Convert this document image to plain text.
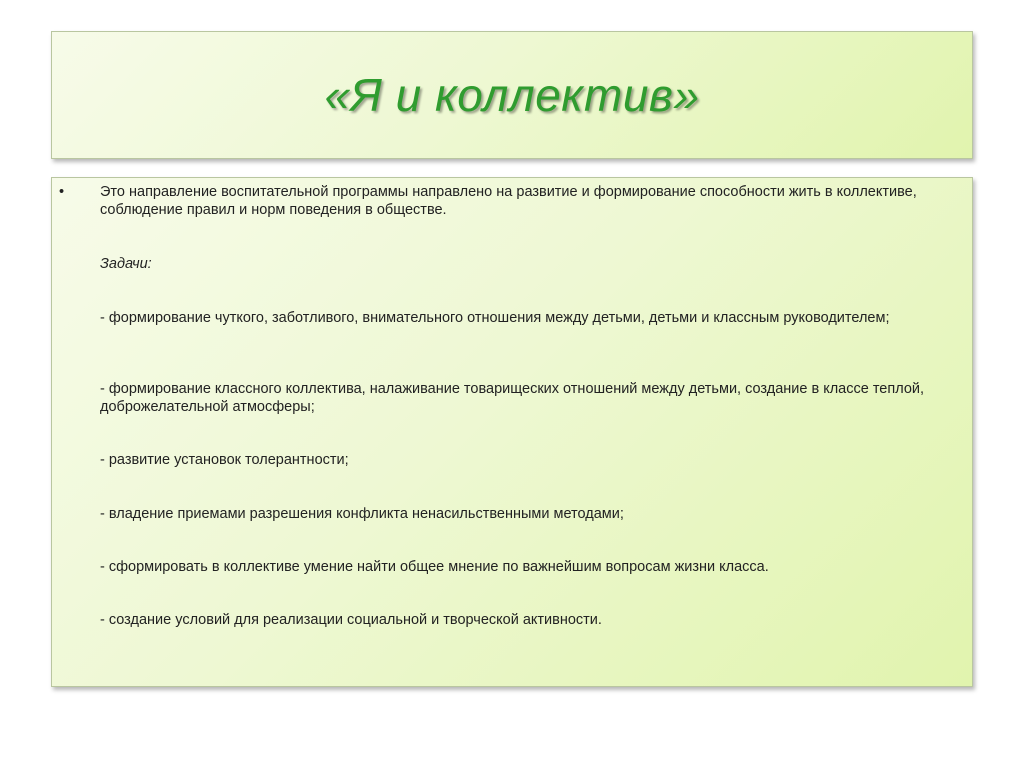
«Я и коллектив»
• Это направление воспитательной программы направлено на развитие и формирование способности жить в коллективе, соблюдение правил и норм поведения в обществе.

Задачи:

- формирование чуткого, заботливого, внимательного отношения между детьми, детьми и классным руководителем;

- формирование классного коллектива, налаживание товарищеских отношений между детьми, создание в классе теплой, доброжелательной атмосферы;

- развитие установок толерантности;

- владение приемами разрешения конфликта ненасильственными методами;

- сформировать в коллективе умение найти общее мнение по важнейшим вопросам жизни класса.

- создание условий для реализации социальной и творческой активности.
